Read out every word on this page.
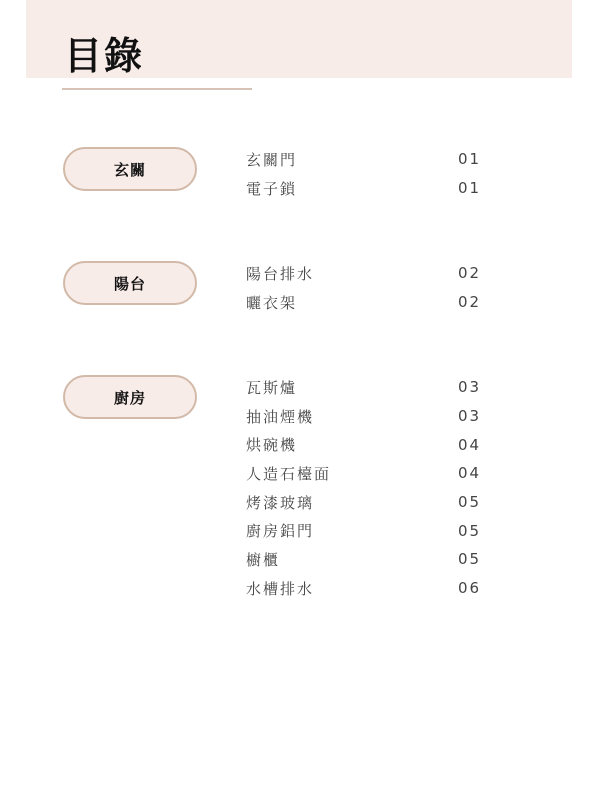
目錄
玄關
玄關門	01
電子鎖	01
陽台
陽台排水	02
曬衣架	02
廚房
瓦斯爐	03
抽油煙機	03
烘碗機	04
人造石檯面	04
烤漆玻璃	05
廚房鋁門	05
櫥櫃	05
水槽排水	06
